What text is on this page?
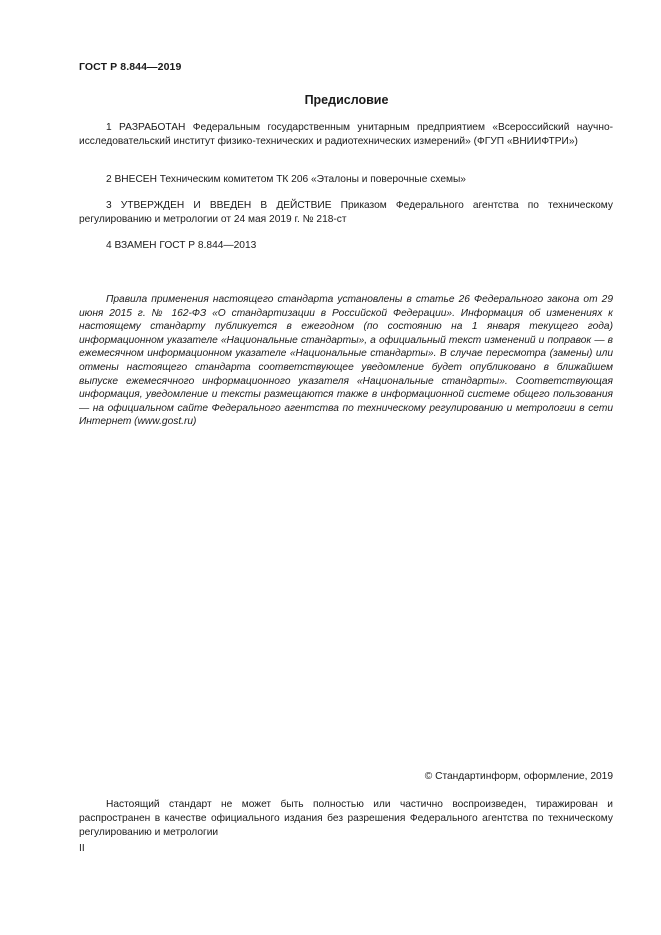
ГОСТ Р 8.844—2019
Предисловие
1 РАЗРАБОТАН Федеральным государственным унитарным предприятием «Всероссийский научно-исследовательский институт физико-технических и радиотехнических измерений» (ФГУП «ВНИИФТРИ»)
2 ВНЕСЕН Техническим комитетом ТК 206 «Эталоны и поверочные схемы»
3 УТВЕРЖДЕН И ВВЕДЕН В ДЕЙСТВИЕ Приказом Федерального агентства по техническому регулированию и метрологии от 24 мая 2019 г. № 218-ст
4 ВЗАМЕН ГОСТ Р 8.844—2013
Правила применения настоящего стандарта установлены в статье 26 Федерального закона от 29 июня 2015 г. № 162-ФЗ «О стандартизации в Российской Федерации». Информация об изменениях к настоящему стандарту публикуется в ежегодном (по состоянию на 1 января текущего года) информационном указателе «Национальные стандарты», а официальный текст изменений и поправок — в ежемесячном информационном указателе «Национальные стандарты». В случае пересмотра (замены) или отмены настоящего стандарта соответствующее уведомление будет опубликовано в ближайшем выпуске ежемесячного информационного указателя «Национальные стандарты». Соответствующая информация, уведомление и тексты размещаются также в информационной системе общего пользования — на официальном сайте Федерального агентства по техническому регулированию и метрологии в сети Интернет (www.gost.ru)
© Стандартинформ, оформление, 2019
Настоящий стандарт не может быть полностью или частично воспроизведен, тиражирован и распространен в качестве официального издания без разрешения Федерального агентства по техническому регулированию и метрологии
II
